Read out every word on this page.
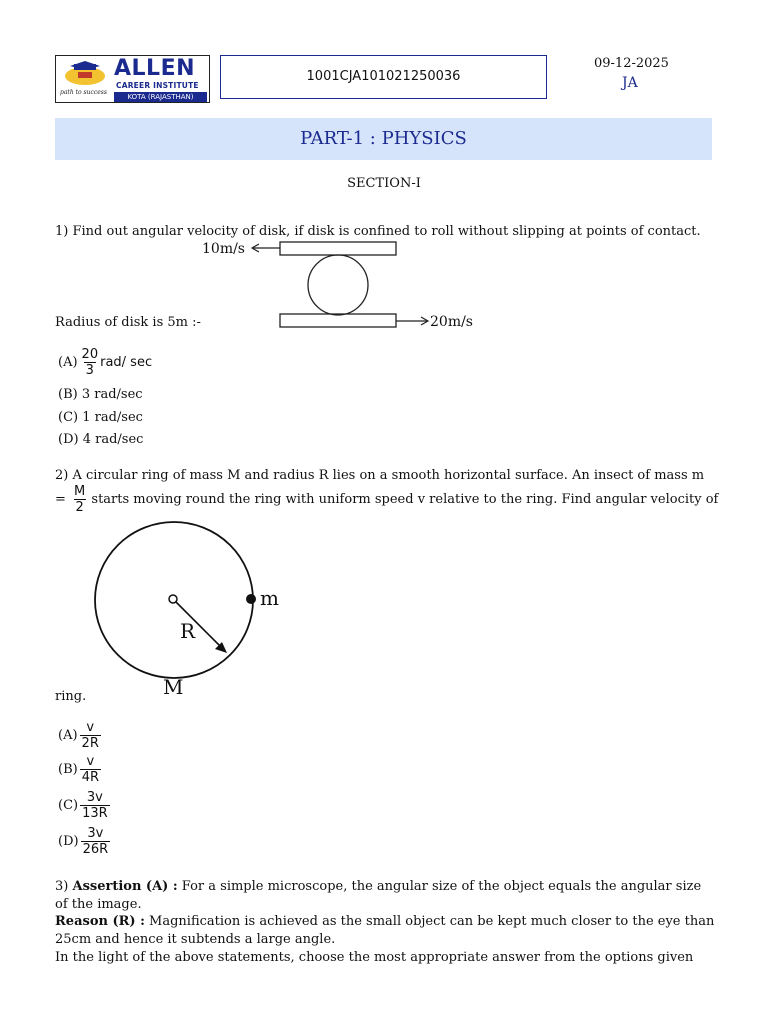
path to success
ALLEN
CAREER INSTITUTE
KOTA (RAJASTHAN)
1001CJA101021250036
09-12-2025
JA
PART-1 : PHYSICS
SECTION-I
1) Find out angular velocity of disk, if disk is confined to roll without slipping at points of contact.
10m/s
20m/s
Radius of disk is 5m :-
$(A) \frac{20}{3} rad/$ sec
(B) 3 rad/sec
(C) 1 rad/sec
(D) 4 rad/sec
2) A circular ring of mass M and radius R lies on a smooth horizontal surface. An insect of mass m
= $\frac{M}{2}$ starts moving round the ring with uniform speed v relative to the ring. Find angular velocity of
m
R
M
ring.
$(A) \frac{v}{2R}$
$(B) \frac{v}{4R}$
$(C) \frac{3v}{13R}$
$(D) \frac{3v}{26R}$
3) Assertion (A) : For a simple microscope, the angular size of the object equals the angular size of the image.
Reason (R) : Magnification is achieved as the small object can be kept much closer to the eye than 25cm and hence it subtends a large angle.
In the light of the above statements, choose the most appropriate answer from the options given
